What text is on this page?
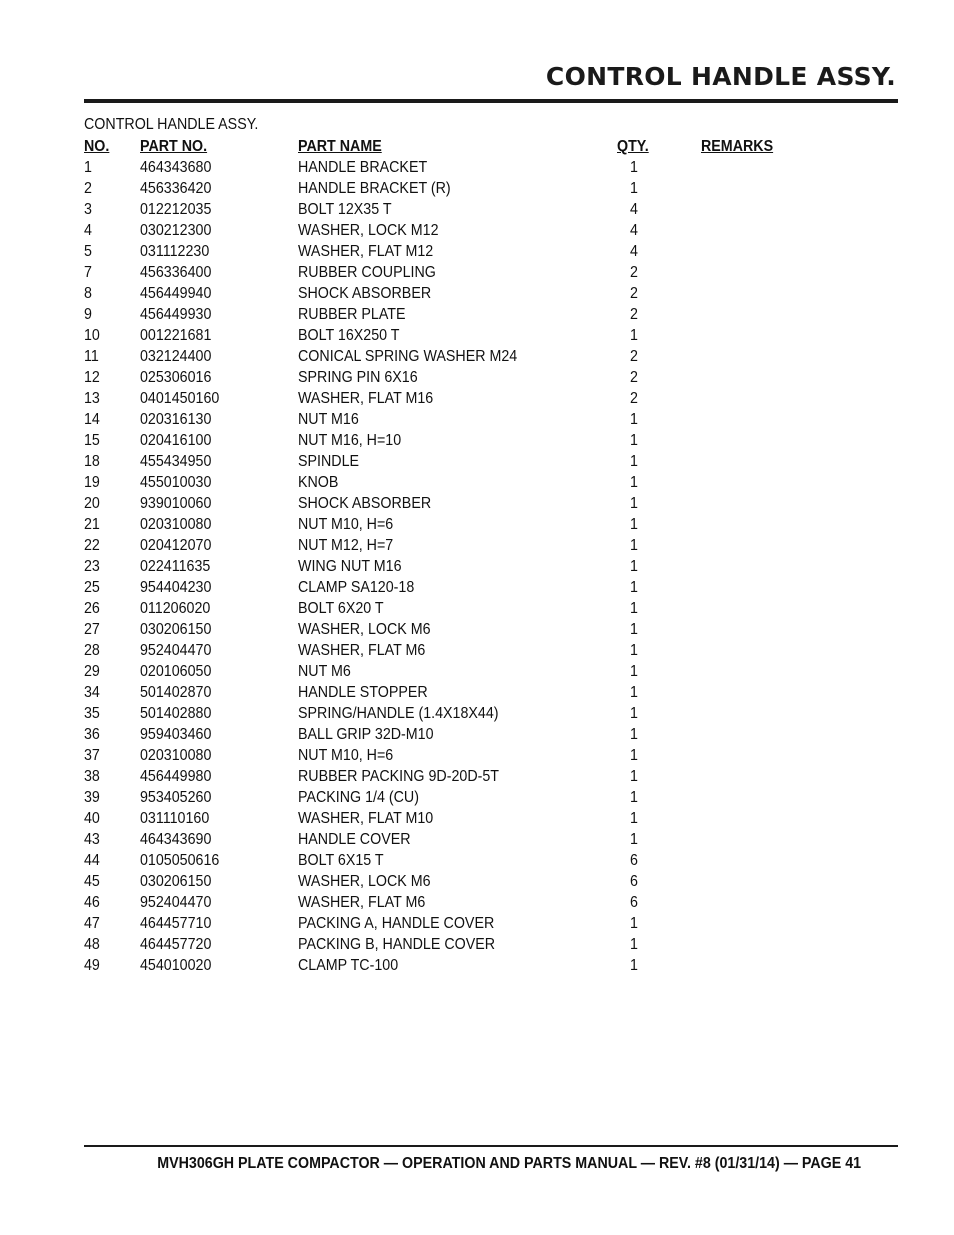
CONTROL HANDLE ASSY.
CONTROL HANDLE ASSY.
NO. PART NO.	PART NAME	QTY.	REMARKS
1	464343680	HANDLE BRACKET	1
2	456336420	HANDLE BRACKET (R)	1
3	012212035	BOLT 12X35 T	4
4	030212300	WASHER, LOCK M12	4
5	031112230	WASHER, FLAT M12	4
7	456336400	RUBBER COUPLING	2
8	456449940	SHOCK ABSORBER	2
9	456449930	RUBBER PLATE	2
10	001221681	BOLT 16X250 T	1
11	032124400	CONICAL SPRING WASHER M24	2
12	025306016	SPRING PIN 6X16	2
13	0401450160	WASHER, FLAT M16	2
14	020316130	NUT M16	1
15	020416100	NUT M16, H=10	1
18	455434950	SPINDLE	1
19	455010030	KNOB	1
20	939010060	SHOCK ABSORBER	1
21	020310080	NUT M10, H=6	1
22	020412070	NUT M12, H=7	1
23	022411635	WING NUT M16	1
25	954404230	CLAMP SA120-18	1
26	011206020	BOLT 6X20 T	1
27	030206150	WASHER, LOCK M6	1
28	952404470	WASHER, FLAT M6	1
29	020106050	NUT M6	1
34	501402870	HANDLE STOPPER	1
35	501402880	SPRING/HANDLE (1.4X18X44)	1
36	959403460	BALL GRIP 32D-M10	1
37	020310080	NUT M10, H=6	1
38	456449980	RUBBER PACKING 9D-20D-5T	1
39	953405260	PACKING 1/4 (CU)	1
40	031110160	WASHER, FLAT M10	1
43	464343690	HANDLE COVER	1
44	0105050616	BOLT 6X15 T	6
45	030206150	WASHER, LOCK M6	6
46	952404470	WASHER, FLAT M6	6
47	464457710	PACKING A, HANDLE COVER	1
48	464457720	PACKING B, HANDLE COVER	1
49	454010020	CLAMP TC-100	1
MVH306GH PLATE COMPACTOR — OPERATION AND PARTS MANUAL — REV. #8 (01/31/14) — PAGE 41
